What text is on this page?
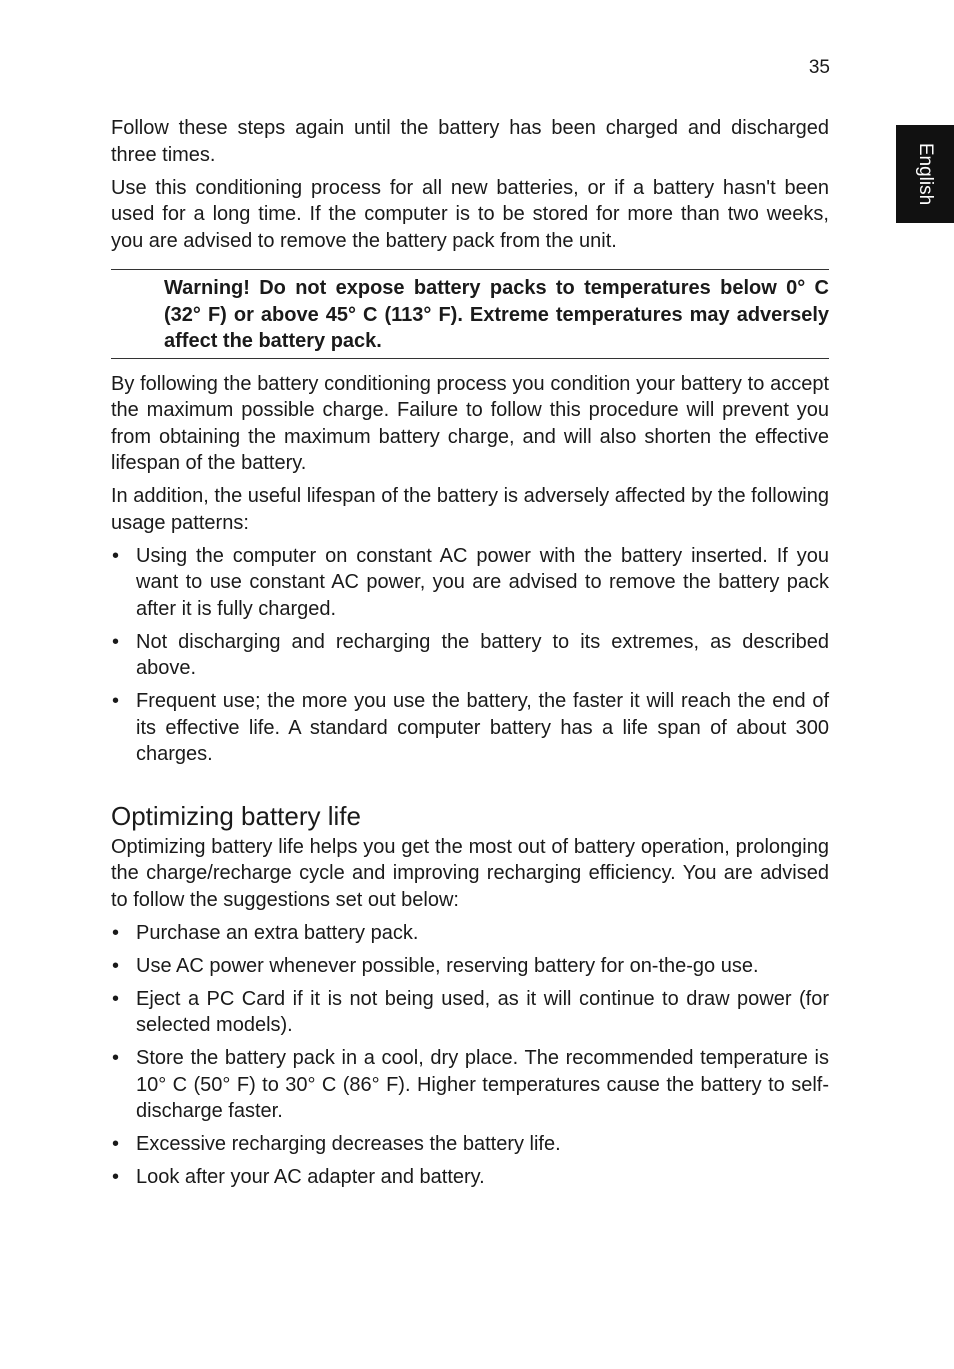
35
English

Follow these steps again until the battery has been charged and discharged three times.

Use this conditioning process for all new batteries, or if a battery hasn't been used for a long time. If the computer is to be stored for more than two weeks, you are advised to remove the battery pack from the unit.

Warning! Do not expose battery packs to temperatures below 0° C (32° F) or above 45° C (113° F). Extreme temperatures may adversely affect the battery pack.

By following the battery conditioning process you condition your battery to accept the maximum possible charge. Failure to follow this procedure will prevent you from obtaining the maximum battery charge, and will also shorten the effective lifespan of the battery.

In addition, the useful lifespan of the battery is adversely affected by the following usage patterns:

• Using the computer on constant AC power with the battery inserted. If you want to use constant AC power, you are advised to remove the battery pack after it is fully charged.
• Not discharging and recharging the battery to its extremes, as described above.
• Frequent use; the more you use the battery, the faster it will reach the end of its effective life. A standard computer battery has a life span of about 300 charges.
Optimizing battery life

Optimizing battery life helps you get the most out of battery operation, prolonging the charge/recharge cycle and improving recharging efficiency. You are advised to follow the suggestions set out below:

• Purchase an extra battery pack.
• Use AC power whenever possible, reserving battery for on-the-go use.
• Eject a PC Card if it is not being used, as it will continue to draw power (for selected models).
• Store the battery pack in a cool, dry place. The recommended temperature is 10° C (50° F) to 30° C (86° F). Higher temperatures cause the battery to self-discharge faster.
• Excessive recharging decreases the battery life.
• Look after your AC adapter and battery.
